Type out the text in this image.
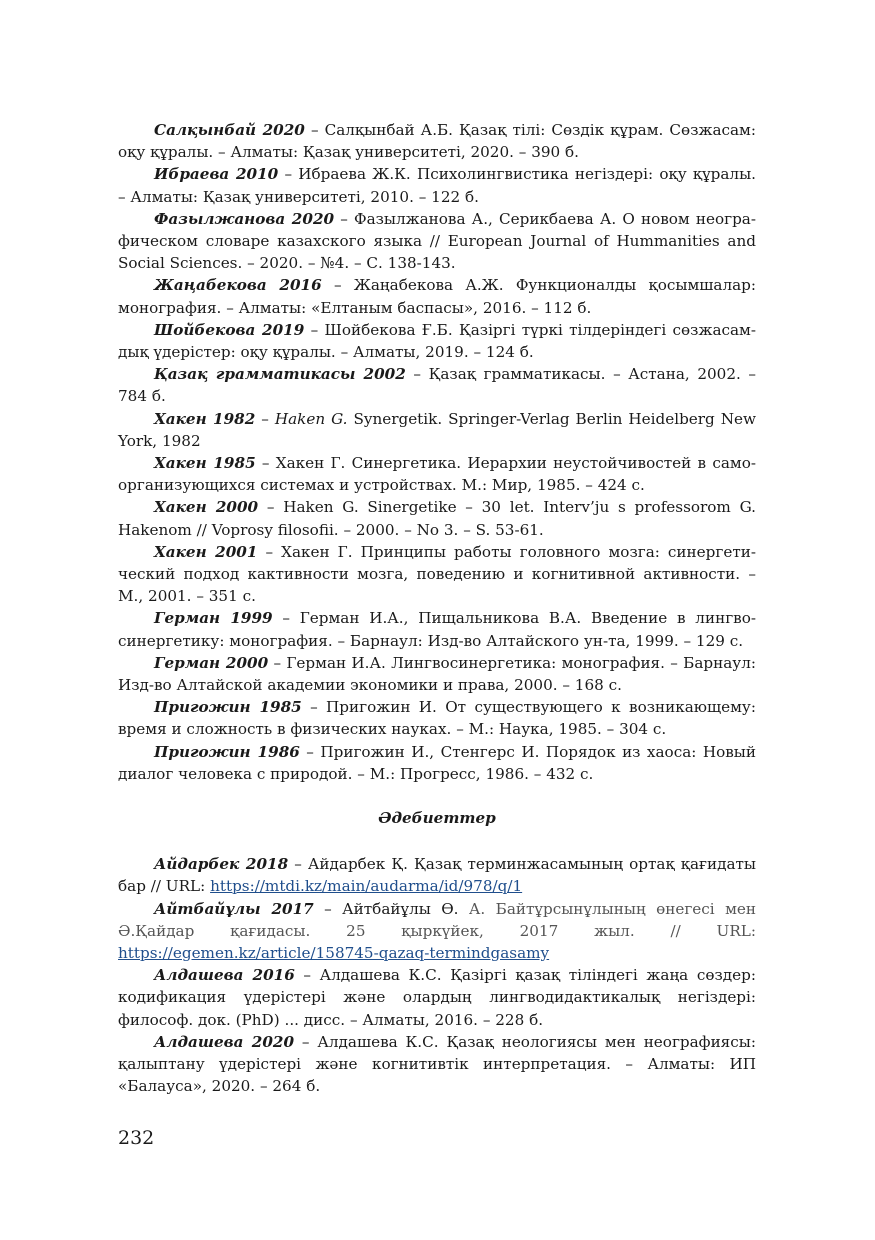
Салқынбай 2020 – Салқынбай А.Б. Қазақ тілі: Сөздік құрам. Сөзжасам: оқу құралы. – Алматы: Қазақ университеті, 2020. – 390 б.

Ибраева 2010 – Ибраева Ж.К. Психолингвистика негіздері: оқу құралы. – Алматы: Қазақ университеті, 2010. – 122 б.

Фазылжанова 2020 – Фазылжанова А., Серикбаева А. О новом неографическом словаре казахского языка // European Journal of Hummanities and Social Sciences. – 2020. – №4. – С. 138-143.

Жаңабекова 2016 – Жаңабекова А.Ж. Функционалды қосымшалар: монография. – Алматы: «Елтаным баспасы», 2016. – 112 б.

Шойбекова 2019 – Шойбекова Ғ.Б. Қазіргі түркі тілдеріндегі сөзжасамдық үдерістер: оқу құралы. – Алматы, 2019. – 124 б.

Қазақ грамматикасы 2002 – Қазақ грамматикасы. – Астана, 2002. – 784 б.

Хакен 1982 – Haken G. Synergetik. Springer-Verlag Berlin Heidelberg New York, 1982

Хакен 1985 – Хакен Г. Синергетика. Иерархии неустойчивостей в самоорганизующихся системах и устройствах. М.: Мир, 1985. – 424 с.

Хакен 2000 – Haken G. Sinergetike – 30 let. Interv’ju s professorom G. Hakenom // Voprosy filosofii. – 2000. – No 3. – S. 53-61.

Хакен 2001 – Хакен Г. Принципы работы головного мозга: синергетический подход кактивности мозга, поведению и когнитивной активности. – М., 2001. – 351 с.

Герман 1999 – Герман И.А., Пищальникова В.А. Введение в лингвосинергетику: монография. – Барнаул: Изд-во Алтайского ун-та, 1999. – 129 с.

Герман 2000 – Герман И.А. Лингвосинергетика: монография. – Барнаул: Изд-во Алтайской академии экономики и права, 2000. – 168 с.

Пригожин 1985 – Пригожин И. От существующего к возникающему: время и сложность в физических науках. – М.: Наука, 1985. – 304 с.

Пригожин 1986 – Пригожин И., Стенгерс И. Порядок из хаоса: Новый диалог человека с природой. – М.: Прогресс, 1986. – 432 с.

Әдебиеттер

Айдарбек 2018 – Айдарбек Қ. Қазақ терминжасамының ортақ қағидаты бар // URL: https://mtdi.kz/main/audarma/id/978/q/1

Айтбайұлы 2017 – Айтбайұлы Ө. А. Байтұрсынұлының өнегесі мен Ә.Қайдар қағидасы. 25 қыркүйек, 2017 жыл. // URL: https://egemen.kz/article/158745-qazaq-termindgasamy

Алдашева 2016 – Алдашева К.С. Қазіргі қазақ тіліндегі жаңа сөздер: кодификация үдерістері және олардың лингводидактикалық негіздері: философ. док. (PhD) ... дисс. – Алматы, 2016. – 228 б.

Алдашева 2020 – Алдашева К.С. Қазақ неологиясы мен неографиясы: қалыптану үдерістері және когнитивтік интерпретация. – Алматы: ИП «Балауса», 2020. – 264 б.

232
